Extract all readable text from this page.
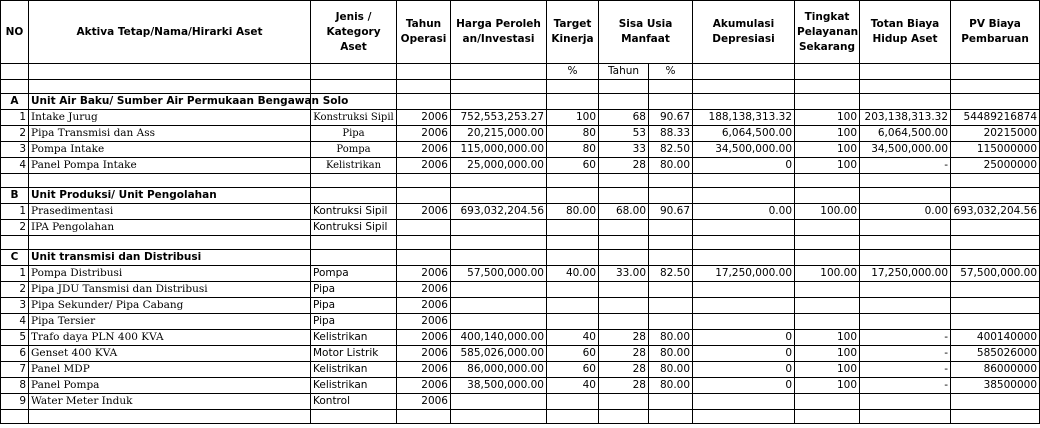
NO	Aktiva Tetap/Nama/Hirarki Aset	Jenis / Kategory Aset	Tahun Operasi	Harga Perolehan/Investasi	Target Kinerja	Sisa Usia Manfaat		Akumulasi Depresiasi	Tingkat Pelayanan Sekarang	Totan Biaya Hidup Aset	PV Biaya Pembaruan
					%	Tahun	%				

A	Unit Air Baku/ Sumber Air Permukaan Bengawan Solo										
1	Intake Jurug	Konstruksi Sipil	2006	752,553,253.27	100	68	90.67	188,138,313.32	100	203,138,313.32	54489216874
2	Pipa Transmisi dan Ass	Pipa	2006	20,215,000.00	80	53	88.33	6,064,500.00	100	6,064,500.00	20215000
3	Pompa Intake	Pompa	2006	115,000,000.00	80	33	82.50	34,500,000.00	100	34,500,000.00	115000000
4	Panel Pompa Intake	Kelistrikan	2006	25,000,000.00	60	28	80.00	0	100	-	25000000

B	Unit Produksi/ Unit Pengolahan										
1	Prasedimentasi	Kontruksi Sipil	2006	693,032,204.56	80.00	68.00	90.67	0.00	100.00	0.00	693,032,204.56
2	IPA Pengolahan	Kontruksi Sipil									

C	Unit transmisi dan Distribusi										
1	Pompa Distribusi	Pompa	2006	57,500,000.00	40.00	33.00	82.50	17,250,000.00	100.00	17,250,000.00	57,500,000.00
2	Pipa JDU Tansmisi dan Distribusi	Pipa	2006								
3	Pipa Sekunder/ Pipa Cabang	Pipa	2006								
4	Pipa Tersier	Pipa	2006								
5	Trafo daya PLN 400 KVA	Kelistrikan	2006	400,140,000.00	40	28	80.00	0	100	-	400140000
6	Genset 400 KVA	Motor Listrik	2006	585,026,000.00	60	28	80.00	0	100	-	585026000
7	Panel MDP	Kelistrikan	2006	86,000,000.00	60	28	80.00	0	100	-	86000000
8	Panel Pompa	Kelistrikan	2006	38,500,000.00	40	28	80.00	0	100	-	38500000
9	Water Meter Induk	Kontrol	2006								
